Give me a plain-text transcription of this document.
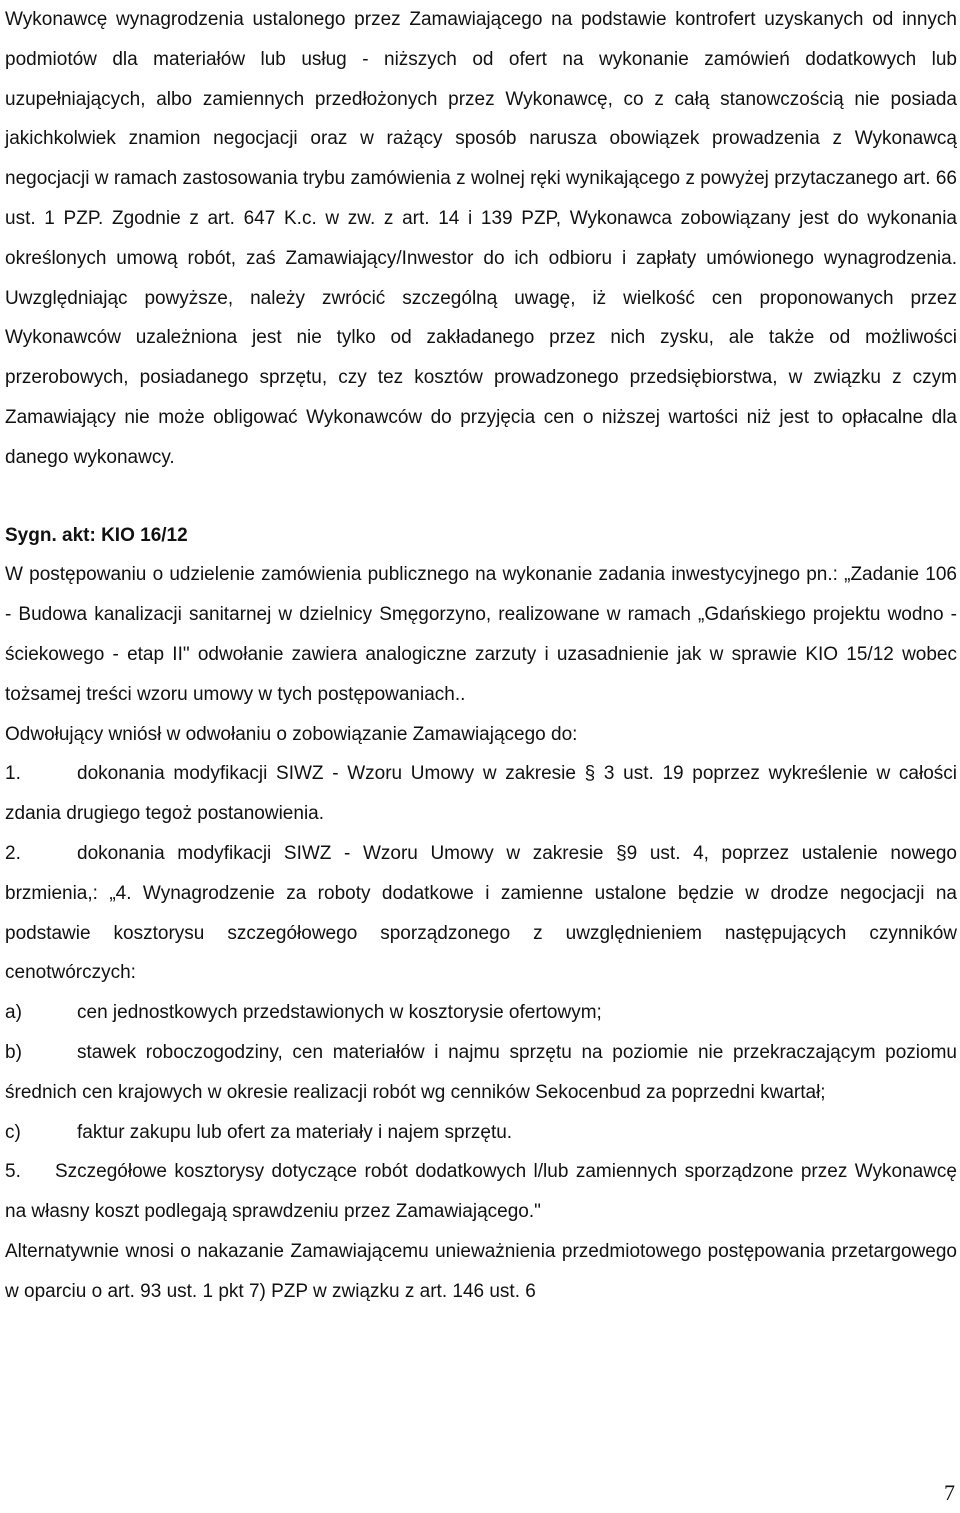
Wykonawcę wynagrodzenia ustalonego przez Zamawiającego na podstawie kontrofert uzyskanych od innych podmiotów dla materiałów lub usług - niższych od ofert na wykonanie zamówień dodatkowych lub uzupełniających, albo zamiennych przedłożonych przez Wykonawcę, co z całą stanowczością nie posiada jakichkolwiek znamion negocjacji oraz w rażący sposób narusza obowiązek prowadzenia z Wykonawcą negocjacji w ramach zastosowania trybu zamówienia z wolnej ręki wynikającego z powyżej przytaczanego art. 66 ust. 1 PZP. Zgodnie z art. 647 K.c. w zw. z art. 14 i 139 PZP, Wykonawca zobowiązany jest do wykonania określonych umową robót, zaś Zamawiający/Inwestor do ich odbioru i zapłaty umówionego wynagrodzenia. Uwzględniając powyższe, należy zwrócić szczególną uwagę, iż wielkość cen proponowanych przez Wykonawców uzależniona jest nie tylko od zakładanego przez nich zysku, ale także od możliwości przerobowych, posiadanego sprzętu, czy tez kosztów prowadzonego przedsiębiorstwa, w związku z czym Zamawiający nie może obligować Wykonawców do przyjęcia cen o niższej wartości niż jest to opłacalne dla danego wykonawcy.

Sygn. akt: KIO 16/12

W postępowaniu o udzielenie zamówienia publicznego na wykonanie zadania inwestycyjnego pn.: „Zadanie 106 - Budowa kanalizacji sanitarnej w dzielnicy Smęgorzyno, realizowane w ramach „Gdańskiego projektu wodno - ściekowego - etap II" odwołanie zawiera analogiczne zarzuty i uzasadnienie jak w sprawie KIO 15/12 wobec tożsamej treści wzoru umowy w tych postępowaniach..

Odwołujący wniósł w odwołaniu o zobowiązanie Zamawiającego do:

1.	dokonania modyfikacji SIWZ - Wzoru Umowy w zakresie § 3 ust. 19 poprzez wykreślenie w całości zdania drugiego tegoż postanowienia.

2.	dokonania modyfikacji SIWZ - Wzoru Umowy w zakresie §9 ust. 4, poprzez ustalenie nowego brzmienia,: „4. Wynagrodzenie za roboty dodatkowe i zamienne ustalone będzie w drodze negocjacji na podstawie kosztorysu szczegółowego sporządzonego z uwzględnieniem następujących czynników cenotwórczych:

a)	cen jednostkowych przedstawionych w kosztorysie ofertowym;

b)	stawek roboczogodziny, cen materiałów i najmu sprzętu na poziomie nie przekraczającym poziomu średnich cen krajowych w okresie realizacji robót wg cenników Sekocenbud za poprzedni kwartał;

c)	faktur zakupu lub ofert za materiały i najem sprzętu.

5. Szczegółowe kosztorysy dotyczące robót dodatkowych l/lub zamiennych sporządzone przez Wykonawcę na własny koszt podlegają sprawdzeniu przez Zamawiającego."

Alternatywnie wnosi o nakazanie Zamawiającemu unieważnienia przedmiotowego postępowania przetargowego w oparciu o art. 93 ust. 1 pkt 7) PZP w związku z art. 146 ust. 6

7
